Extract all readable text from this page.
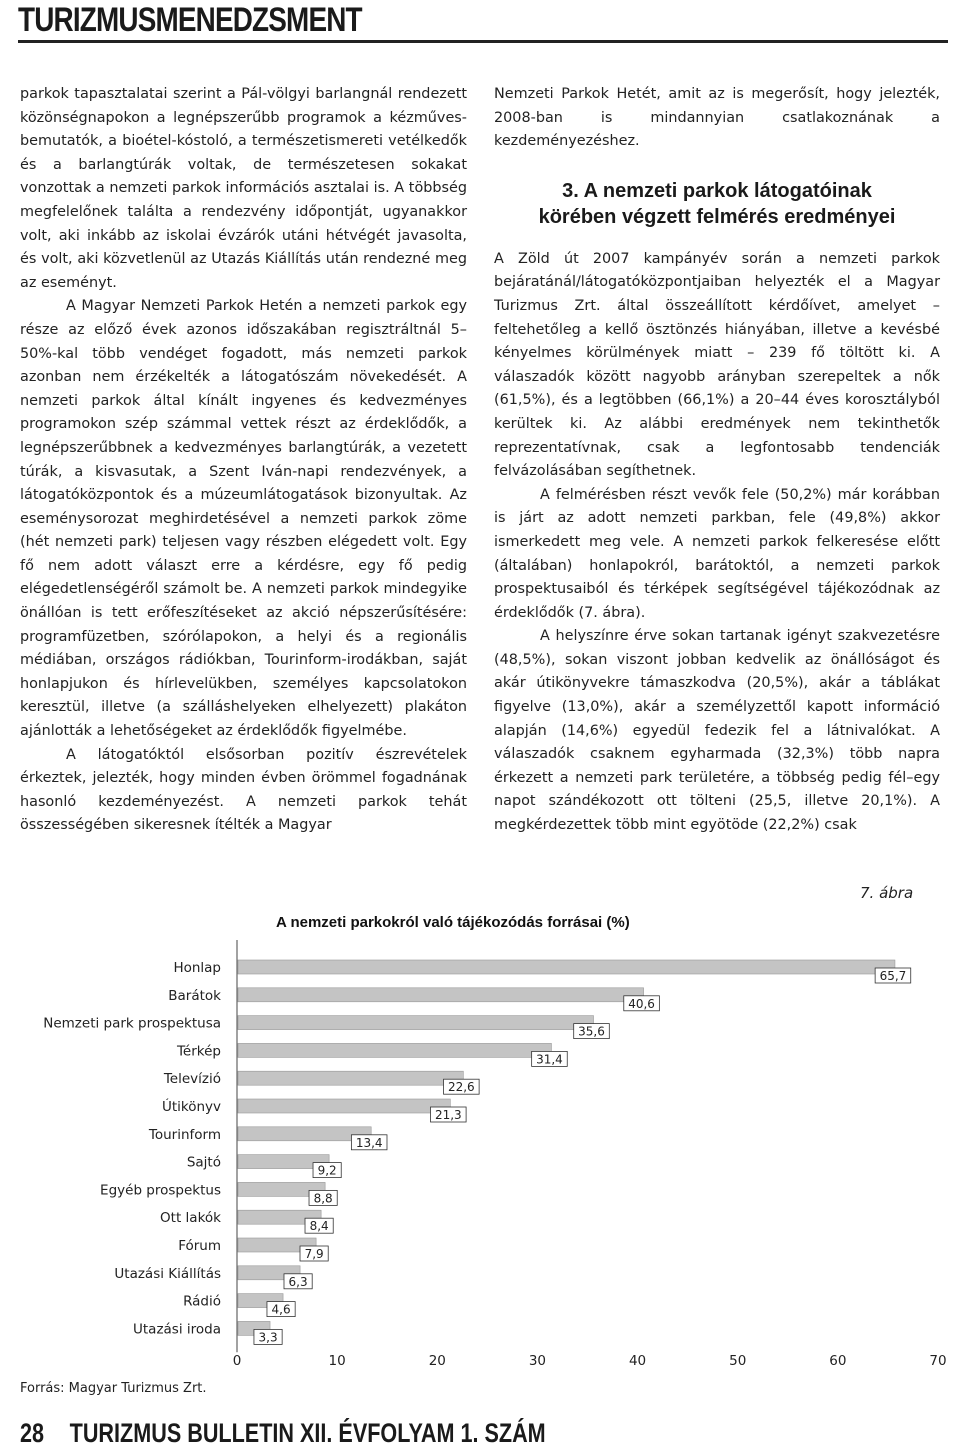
TURIZMUSMENEDZSMENT

parkok tapasztalatai szerint a Pál-völgyi barlangnál rendezett közönségnapokon a legnépszerűbb programok a kézműves-bemutatók, a bioétel-kóstoló, a természetismereti vetélkedők és a barlangtúrák voltak, de természetesen sokakat vonzottak a nemzeti parkok információs asztalai is. A többség megfelelőnek találta a rendezvény időpontját, ugyanakkor volt, aki inkább az iskolai évzárók utáni hétvégét javasolta, és volt, aki közvetlenül az Utazás Kiállítás után rendezné meg az eseményt.

A Magyar Nemzeti Parkok Hetén a nemzeti parkok egy része az előző évek azonos időszakában regisztráltnál 5–50%-kal több vendéget fogadott, más nemzeti parkok azonban nem érzékelték a látogatószám növekedését. A nemzeti parkok által kínált ingyenes és kedvezményes programokon szép számmal vettek részt az érdeklődők, a legnépszerűbbnek a kedvezményes barlangtúrák, a vezetett túrák, a kisvasutak, a Szent Iván-napi rendezvények, a látogatóközpontok és a múzeumlátogatások bizonyultak. Az eseménysorozat meghirdetésével a nemzeti parkok zöme (hét nemzeti park) teljesen vagy részben elégedett volt. Egy fő nem adott választ erre a kérdésre, egy fő pedig elégedetlenségéről számolt be. A nemzeti parkok mindegyike önállóan is tett erőfeszítéseket az akció népszerűsítésére: programfüzetben, szórólapokon, a helyi és a regionális médiában, országos rádiókban, Tourinform-irodákban, saját honlapjukon és hírlevelükben, személyes kapcsolatokon keresztül, illetve (a szálláshelyeken elhelyezett) plakáton ajánlották a lehetőségeket az érdeklődők figyelmébe.

A látogatóktól elsősorban pozitív észrevételek érkeztek, jelezték, hogy minden évben örömmel fogadnának hasonló kezdeményezést. A nemzeti parkok tehát összességében sikeresnek ítélték a Magyar

Nemzeti Parkok Hetét, amit az is megerősít, hogy jelezték, 2008-ban is mindannyian csatlakoznának a kezdeményezéshez.

3. A nemzeti parkok látogatóinak
körében végzett felmérés eredményei

A Zöld út 2007 kampányév során a nemzeti parkok bejáratánál/látogatóközpontjaiban helyezték el a Magyar Turizmus Zrt. által összeállított kérdőívet, amelyet – feltehetőleg a kellő ösztönzés hiányában, illetve a kevésbé kényelmes körülmények miatt – 239 fő töltött ki. A válaszadók között nagyobb arányban szerepeltek a nők (61,5%), és a legtöbben (66,1%) a 20–44 éves korosztályból kerültek ki. Az alábbi eredmények nem tekinthetők reprezentatívnak, csak a legfontosabb tendenciák felvázolásában segíthetnek.

A felmérésben részt vevők fele (50,2%) már korábban is járt az adott nemzeti parkban, fele (49,8%) akkor ismerkedett meg vele. A nemzeti parkok felkeresése előtt (általában) honlapokról, barátoktól, a nemzeti parkok prospektusaiból és térképek segítségével tájékozódnak az érdeklődők (7. ábra).

A helyszínre érve sokan tartanak igényt szakvezetésre (48,5%), sokan viszont jobban kedvelik az önállóságot és akár útikönyvekre támaszkodva (20,5%), akár a táblákat figyelve (13,0%), akár a személyzettől kapott információ alapján (14,6%) egyedül fedezik fel a látnivalókat. A válaszadók csaknem egyharmada (32,3%) több napra érkezett a nemzeti park területére, a többség pedig fél–egy napot szándékozott ott tölteni (25,5, illetve 20,1%). A megkérdezettek több mint egyötöde (22,2%) csak

7. ábra
A nemzeti parkokról való tájékozódás forrásai (%)
Honlap	65,7
Barátok	40,6
Nemzeti park prospektusa	35,6
Térkép	31,4
Televízió	22,6
Útikönyv	21,3
Tourinform	13,4
Sajtó	9,2
Egyéb prospektus	8,8
Ott lakók	8,4
Fórum	7,9
Utazási Kiállítás	6,3
Rádió	4,6
Utazási iroda	3,3
0	10	20	30	40	50	60	70
Forrás: Magyar Turizmus Zrt.
28 TURIZMUS BULLETIN XII. ÉVFOLYAM 1. SZÁM
